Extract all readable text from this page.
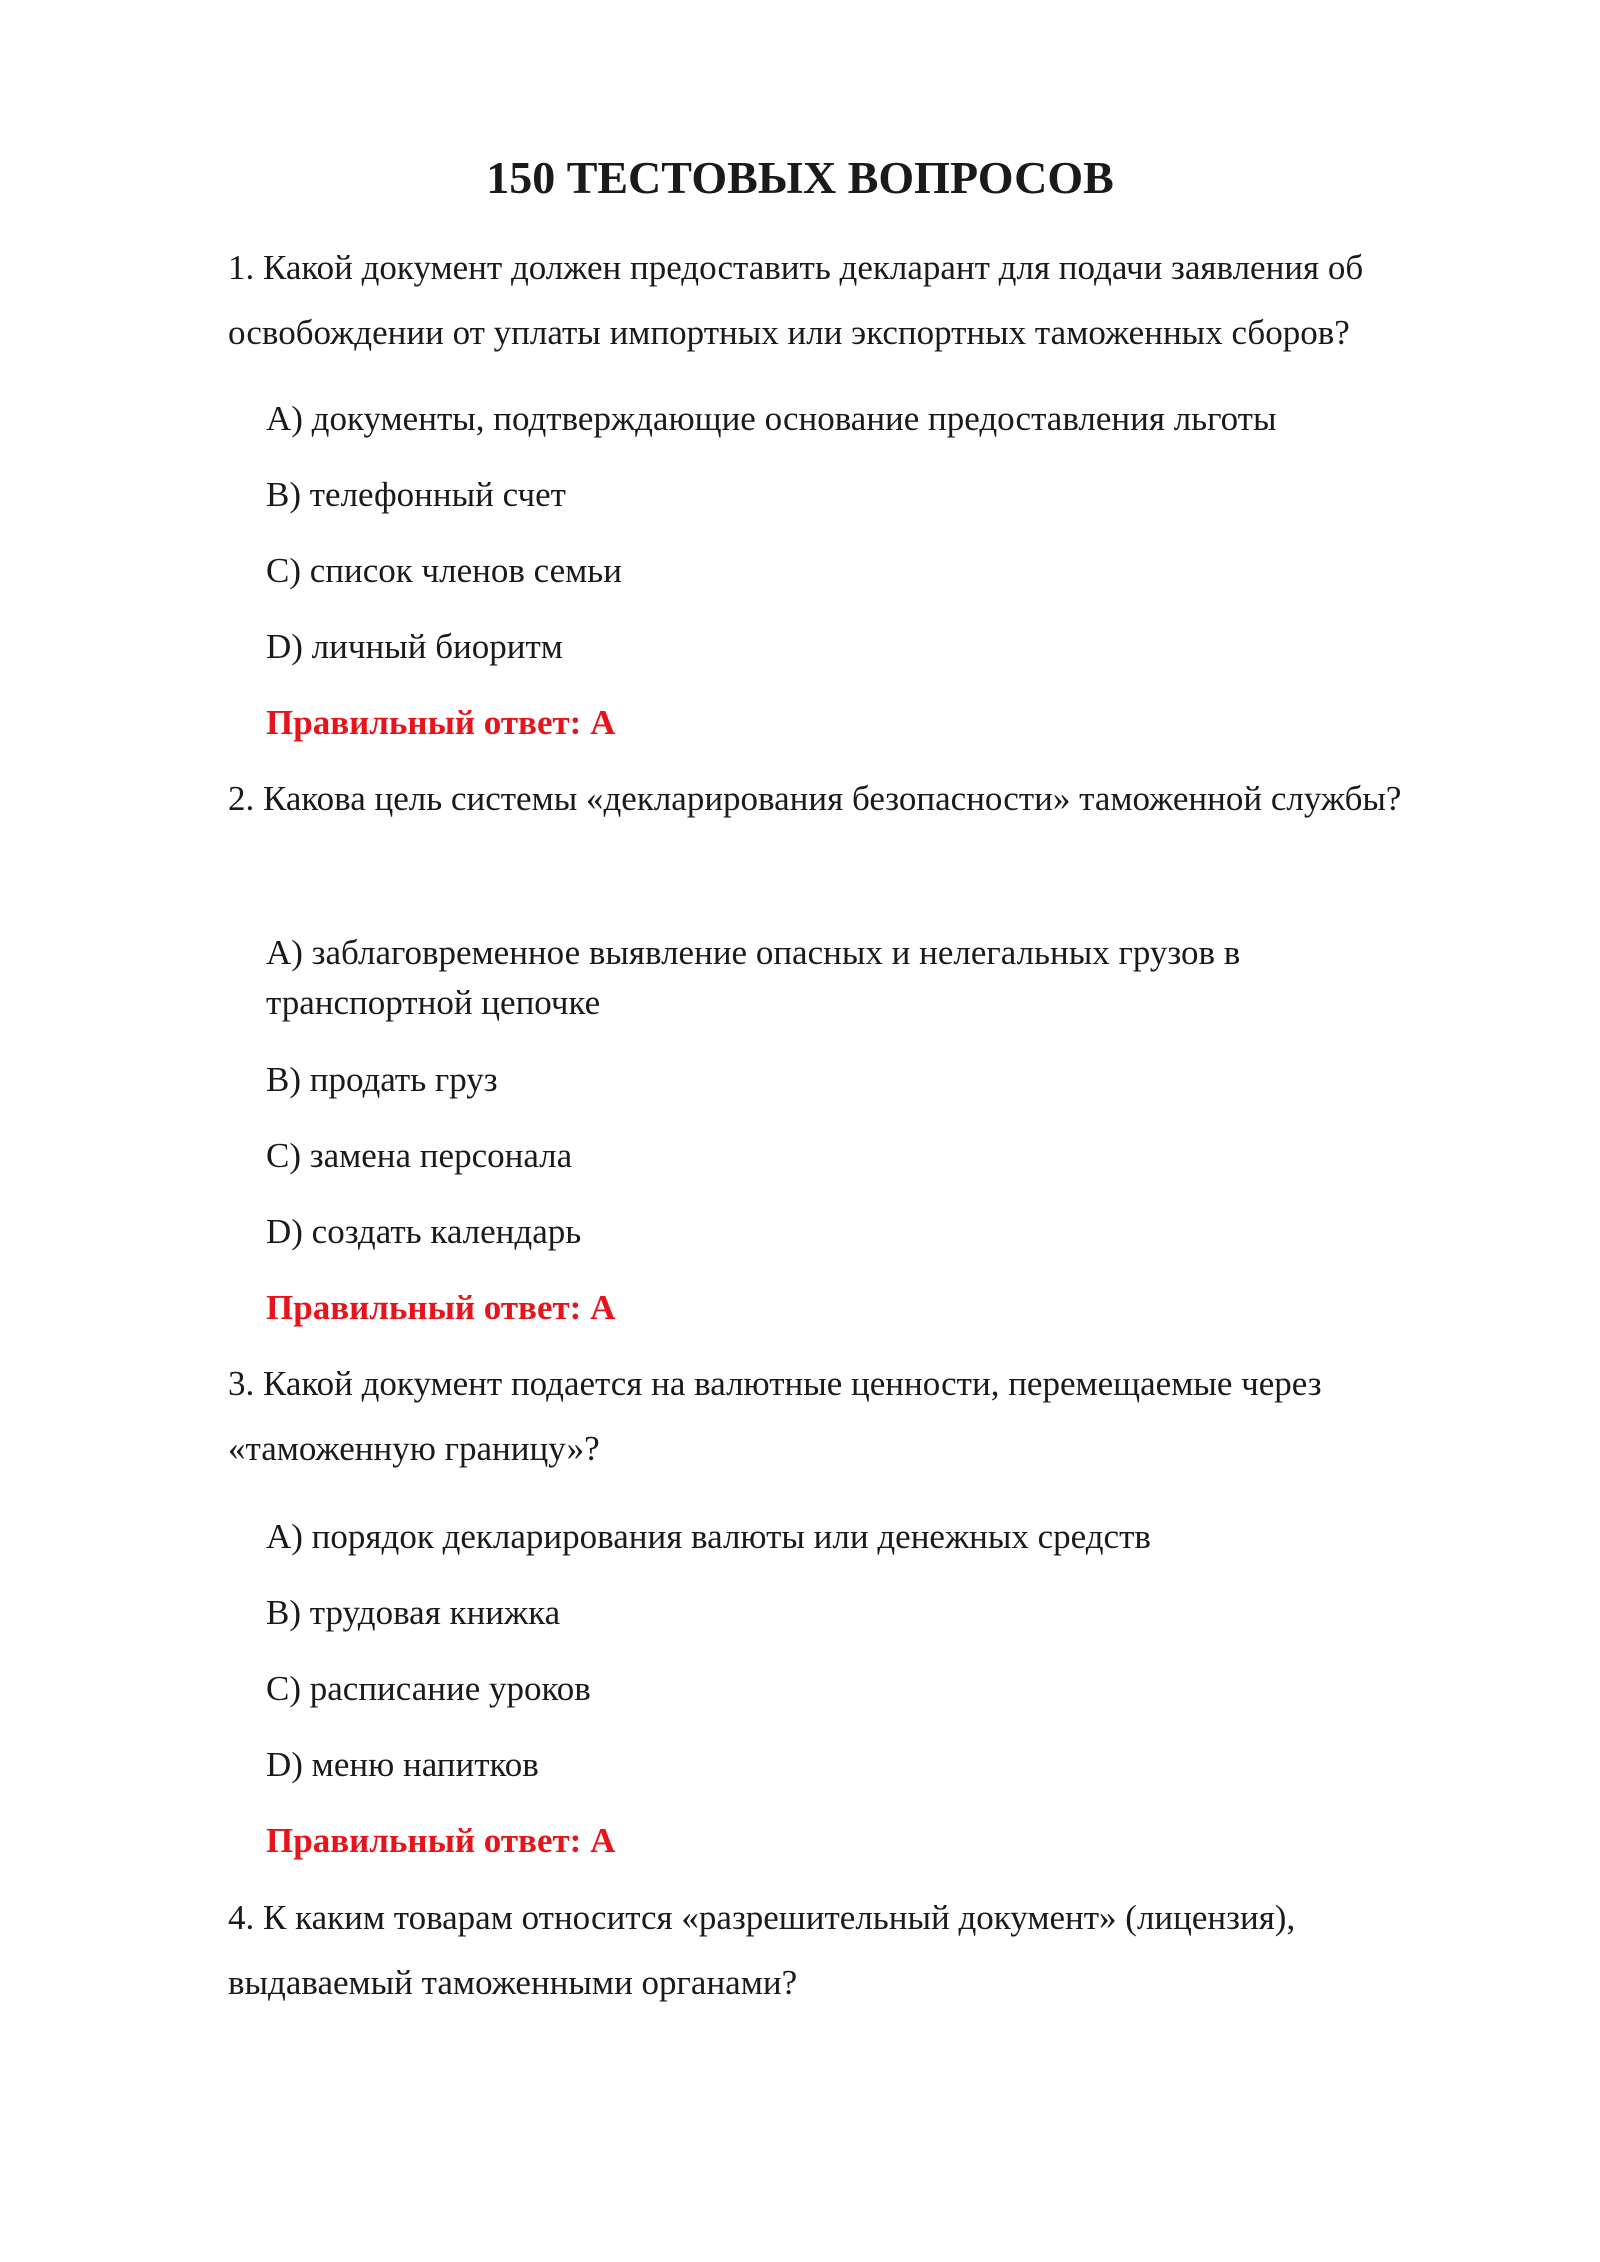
150 ТЕСТОВЫХ ВОПРОСОВ

1. Какой документ должен предоставить декларант для подачи заявления об освобождении от уплаты импортных или экспортных таможенных сборов?

A) документы, подтверждающие основание предоставления льготы

B) телефонный счет

C) список членов семьи

D) личный биоритм

Правильный ответ: A

2. Какова цель системы «декларирования безопасности» таможенной службы?

A) заблаговременное выявление опасных и нелегальных грузов в транспортной цепочке

B) продать груз

C) замена персонала

D) создать календарь

Правильный ответ: A

3. Какой документ подается на валютные ценности, перемещаемые через «таможенную границу»?

A) порядок декларирования валюты или денежных средств

B) трудовая книжка

C) расписание уроков

D) меню напитков

Правильный ответ: A

4. К каким товарам относится «разрешительный документ» (лицензия), выдаваемый таможенными органами?
